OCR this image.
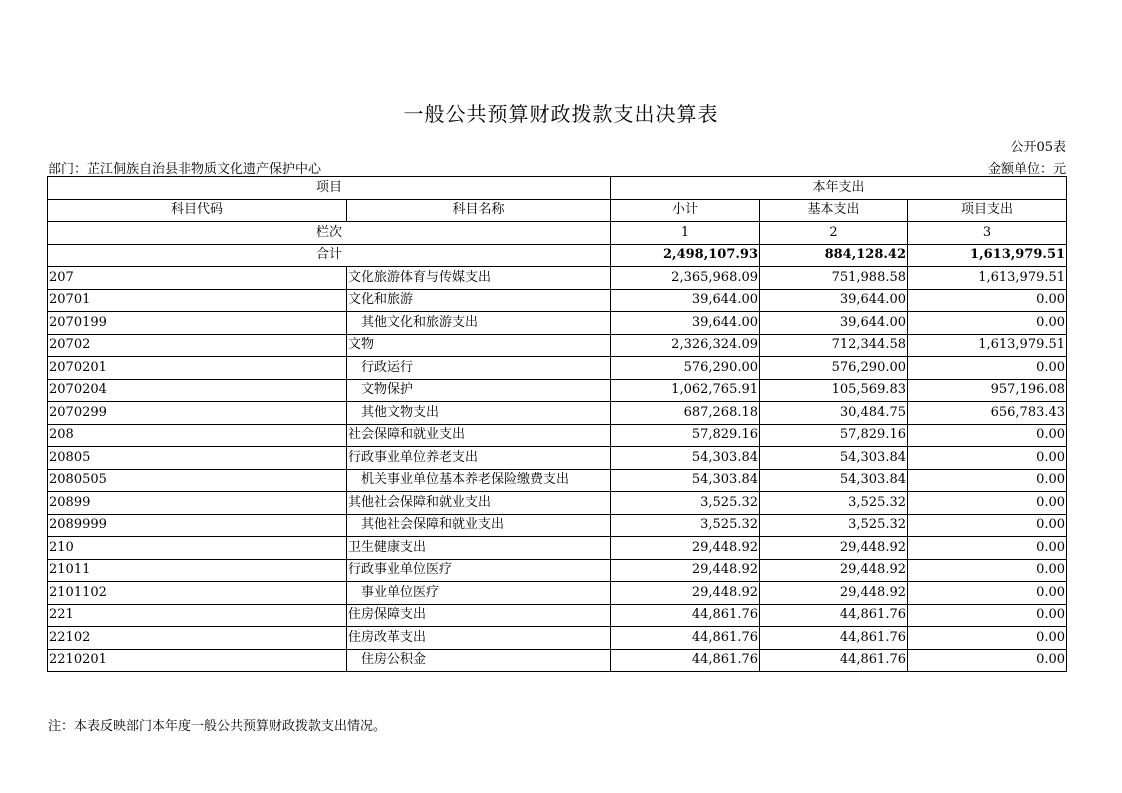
一般公共预算财政拨款支出决算表
公开05表
部门：芷江侗族自治县非物质文化遗产保护中心	金额单位：元
项目		本年支出		
科目代码	科目名称	小计	基本支出	项目支出
栏次		1	2	3
合计		2,498,107.93	884,128.42	1,613,979.51
207	文化旅游体育与传媒支出	2,365,968.09	751,988.58	1,613,979.51
20701	文化和旅游	39,644.00	39,644.00	0.00
2070199	其他文化和旅游支出	39,644.00	39,644.00	0.00
20702	文物	2,326,324.09	712,344.58	1,613,979.51
2070201	行政运行	576,290.00	576,290.00	0.00
2070204	文物保护	1,062,765.91	105,569.83	957,196.08
2070299	其他文物支出	687,268.18	30,484.75	656,783.43
208	社会保障和就业支出	57,829.16	57,829.16	0.00
20805	行政事业单位养老支出	54,303.84	54,303.84	0.00
2080505	机关事业单位基本养老保险缴费支出	54,303.84	54,303.84	0.00
20899	其他社会保障和就业支出	3,525.32	3,525.32	0.00
2089999	其他社会保障和就业支出	3,525.32	3,525.32	0.00
210	卫生健康支出	29,448.92	29,448.92	0.00
21011	行政事业单位医疗	29,448.92	29,448.92	0.00
2101102	事业单位医疗	29,448.92	29,448.92	0.00
221	住房保障支出	44,861.76	44,861.76	0.00
22102	住房改革支出	44,861.76	44,861.76	0.00
2210201	住房公积金	44,861.76	44,861.76	0.00
注：本表反映部门本年度一般公共预算财政拨款支出情况。
